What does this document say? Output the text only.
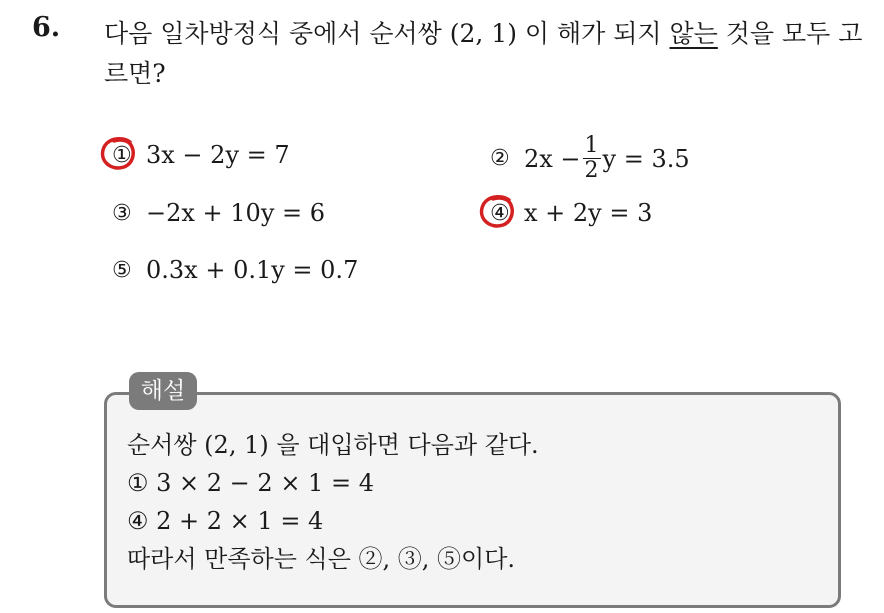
6. 다음 일차방정식 중에서 순서쌍 (2, 1) 이 해가 되지 않는 것을 모두 고르면?
① 3x − 2y = 7	② $2x - \frac{1}{2}$ y = 3.5
③ −2x + 10y = 6	④ x + 2y = 3
⑤ 0.3x + 0.1y = 0.7
해설
순서쌍 (2, 1) 을 대입하면 다음과 같다.
① 3 × 2 − 2 × 1 = 4
④ 2 + 2 × 1 = 4
따라서 만족하는 식은 ②, ③, ⑤이다.
